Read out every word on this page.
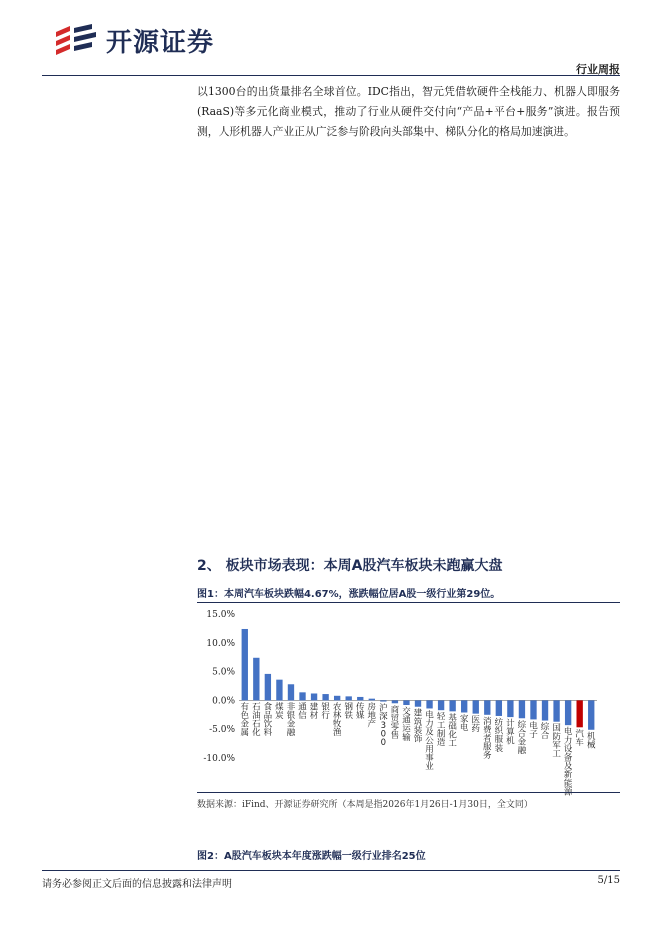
开源证券
行业周报

以1300台的出货量排名全球首位。IDC指出，智元凭借软硬件全栈能力、机器人即服务(RaaS)等多元化商业模式，推动了行业从硬件交付向“产品+平台+服务”演进。报告预测，人形机器人产业正从广泛参与阶段向头部集中、梯队分化的格局加速演进。

2、 板块市场表现：本周A股汽车板块未跑赢大盘
图1：本周汽车板块跌幅4.67%，涨跌幅位居A股一级行业第29位。
15.0%
10.0%
5.0%
0.0%
-5.0%
-10.0%
有色金属
石油石化
食品饮料
煤炭
非银金融
通信
建材
银行
农林牧渔
钢铁
传媒
房地产
沪深 3 0 0
商贸零售
交通运输
建筑装饰
电力及公用事业
轻工制造
基础化工
家电
医药
消费者服务
纺织服装
计算机
综合金融
电子
综合
国防军工
电力设备及新能源
汽车
机械
数据来源：iFind、开源证券研究所（本周是指2026年1月26日-1月30日，全文同）
图2：A股汽车板块本年度涨跌幅一级行业排名25位
请务必参阅正文后面的信息披露和法律声明	5/15
